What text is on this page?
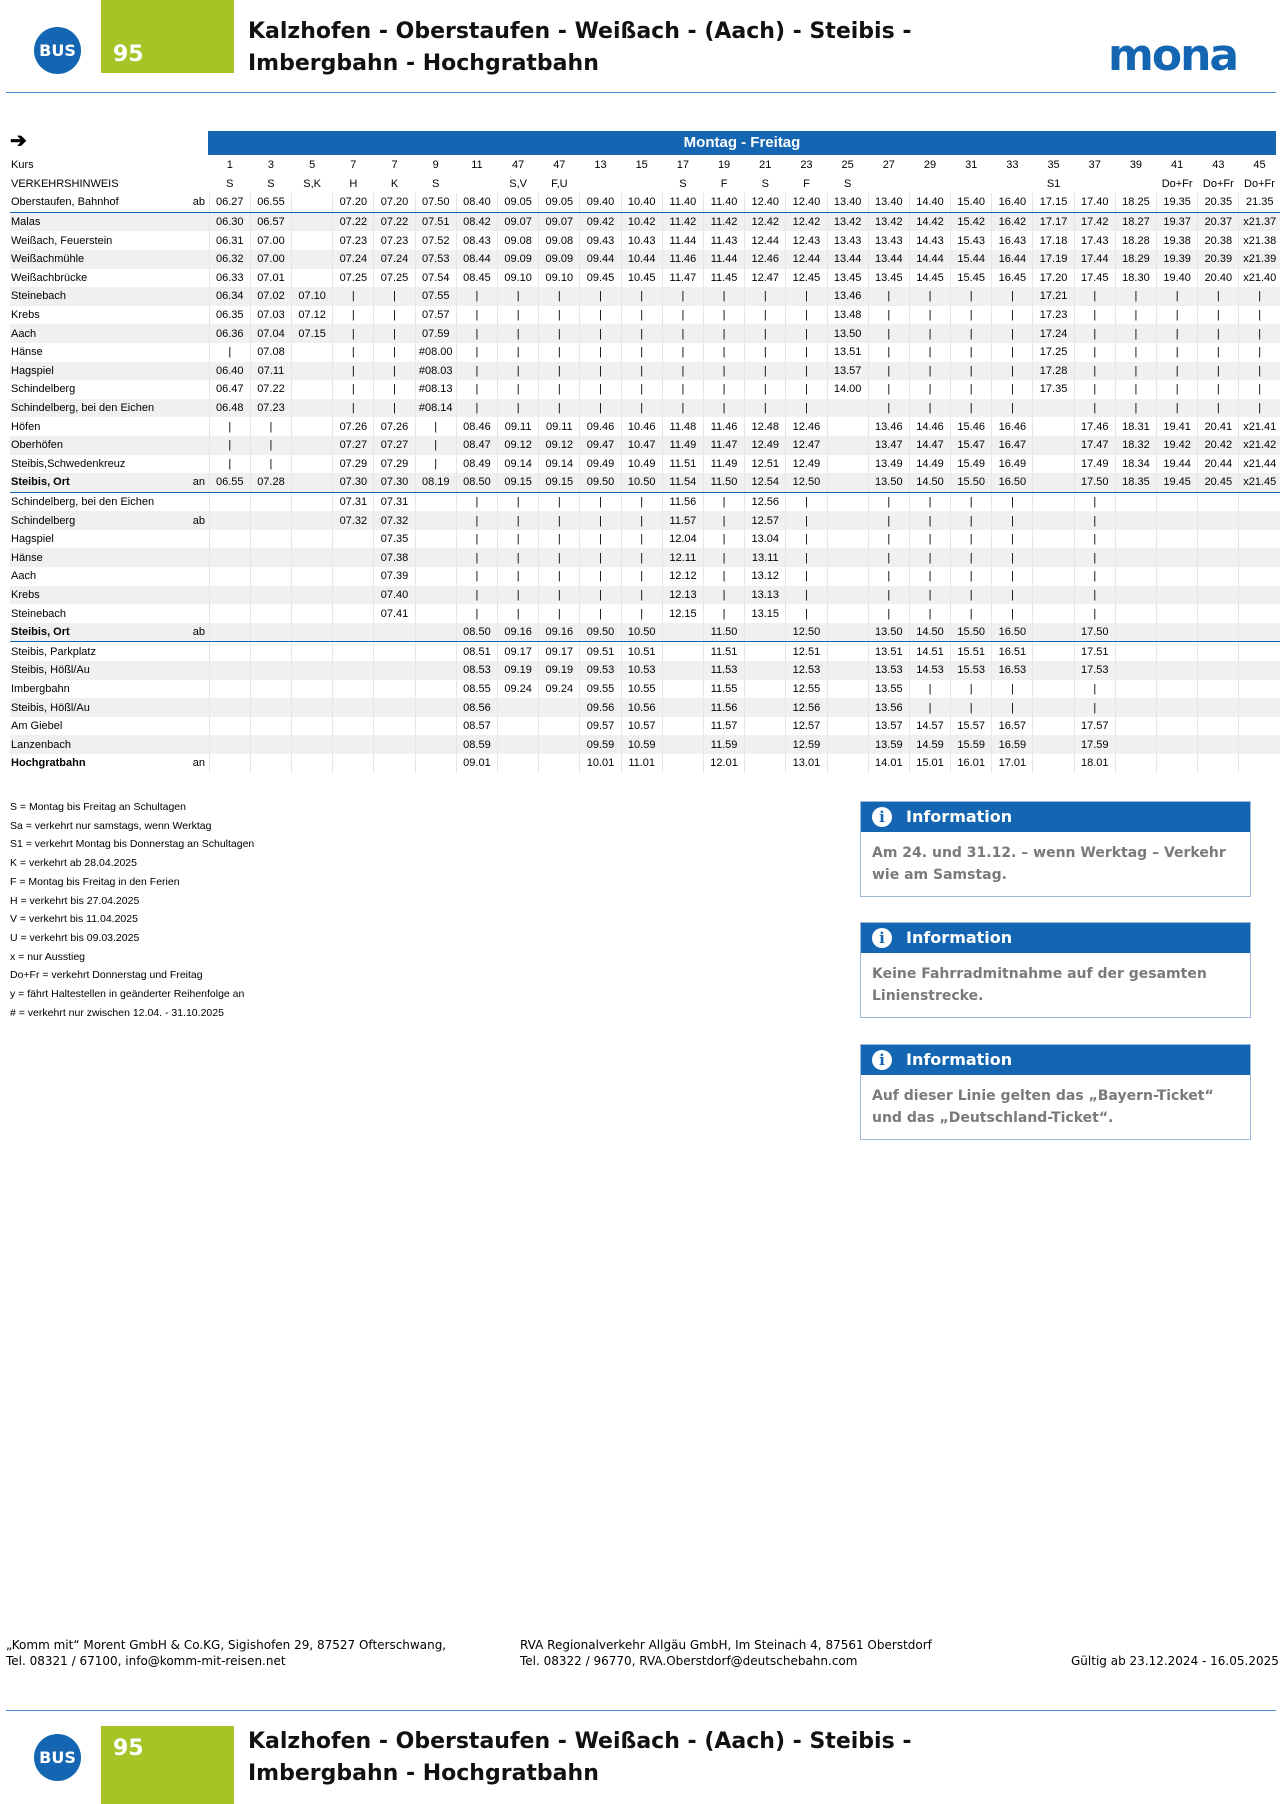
BUS 95
Kalzhofen - Oberstaufen - Weißach - (Aach) - Steibis -
Imbergbahn - Hochgratbahn	mona
➔	Montag - Freitag
Kurs		1	3	5	7	7	9	11	47	47	13	15	17	19	21	23	25	27	29	31	33	35	37	39	41	43	45
VERKEHRSHINWEIS		S	S	S,K	H	K	S		S,V	F,U			S	F	S	F	S					S1			Do+Fr	Do+Fr	Do+Fr
Oberstaufen, Bahnhof	ab	06.27	06.55		07.20	07.20	07.50	08.40	09.05	09.05	09.40	10.40	11.40	11.40	12.40	12.40	13.40	13.40	14.40	15.40	16.40	17.15	17.40	18.25	19.35	20.35	21.35
Malas		06.30	06.57		07.22	07.22	07.51	08.42	09.07	09.07	09.42	10.42	11.42	11.42	12.42	12.42	13.42	13.42	14.42	15.42	16.42	17.17	17.42	18.27	19.37	20.37	x21.37
Weißach, Feuerstein		06.31	07.00		07.23	07.23	07.52	08.43	09.08	09.08	09.43	10.43	11.44	11.43	12.44	12.43	13.43	13.43	14.43	15.43	16.43	17.18	17.43	18.28	19.38	20.38	x21.38
Weißachmühle		06.32	07.00		07.24	07.24	07.53	08.44	09.09	09.09	09.44	10.44	11.46	11.44	12.46	12.44	13.44	13.44	14.44	15.44	16.44	17.19	17.44	18.29	19.39	20.39	x21.39
Weißachbrücke		06.33	07.01		07.25	07.25	07.54	08.45	09.10	09.10	09.45	10.45	11.47	11.45	12.47	12.45	13.45	13.45	14.45	15.45	16.45	17.20	17.45	18.30	19.40	20.40	x21.40
Steinebach		06.34	07.02	07.10	|	|	07.55	|	|	|	|	|	|	|	|	|	13.46	|	|	|	|	17.21	|	|	|	|	|
Krebs		06.35	07.03	07.12	|	|	07.57	|	|	|	|	|	|	|	|	|	13.48	|	|	|	|	17.23	|	|	|	|	|
Aach		06.36	07.04	07.15	|	|	07.59	|	|	|	|	|	|	|	|	|	13.50	|	|	|	|	17.24	|	|	|	|	|
Hänse		|	07.08		|	|	#08.00	|	|	|	|	|	|	|	|	|	13.51	|	|	|	|	17.25	|	|	|	|	|
Hagspiel		06.40	07.11		|	|	#08.03	|	|	|	|	|	|	|	|	|	13.57	|	|	|	|	17.28	|	|	|	|	|
Schindelberg		06.47	07.22		|	|	#08.13	|	|	|	|	|	|	|	|	|	14.00	|	|	|	|	17.35	|	|	|	|	|
Schindelberg, bei den Eichen		06.48	07.23		|	|	#08.14	|	|	|	|	|	|	|	|	|		|	|	|	|		|	|	|	|	|
Höfen		|	|		07.26	07.26	|	08.46	09.11	09.11	09.46	10.46	11.48	11.46	12.48	12.46		13.46	14.46	15.46	16.46		17.46	18.31	19.41	20.41	x21.41
Oberhöfen		|	|		07.27	07.27	|	08.47	09.12	09.12	09.47	10.47	11.49	11.47	12.49	12.47		13.47	14.47	15.47	16.47		17.47	18.32	19.42	20.42	x21.42
Steibis,Schwedenkreuz		|	|		07.29	07.29	|	08.49	09.14	09.14	09.49	10.49	11.51	11.49	12.51	12.49		13.49	14.49	15.49	16.49		17.49	18.34	19.44	20.44	x21.44
Steibis, Ort	an	06.55	07.28		07.30	07.30	08.19	08.50	09.15	09.15	09.50	10.50	11.54	11.50	12.54	12.50		13.50	14.50	15.50	16.50		17.50	18.35	19.45	20.45	x21.45
Schindelberg, bei den Eichen					07.31	07.31		|	|	|	|	|	11.56	|	12.56	|		|	|	|	|		|				
Schindelberg	ab				07.32	07.32		|	|	|	|	|	11.57	|	12.57	|		|	|	|	|		|				
Hagspiel						07.35		|	|	|	|	|	12.04	|	13.04	|		|	|	|	|		|				
Hänse						07.38		|	|	|	|	|	12.11	|	13.11	|		|	|	|	|		|				
Aach						07.39		|	|	|	|	|	12.12	|	13.12	|		|	|	|	|		|				
Krebs						07.40		|	|	|	|	|	12.13	|	13.13	|		|	|	|	|		|				
Steinebach						07.41		|	|	|	|	|	12.15	|	13.15	|		|	|	|	|		|				
Steibis, Ort	ab							08.50	09.16	09.16	09.50	10.50		11.50		12.50		13.50	14.50	15.50	16.50		17.50				
Steibis, Parkplatz								08.51	09.17	09.17	09.51	10.51		11.51		12.51		13.51	14.51	15.51	16.51		17.51				
Steibis, Hößl/Au								08.53	09.19	09.19	09.53	10.53		11.53		12.53		13.53	14.53	15.53	16.53		17.53				
Imbergbahn								08.55	09.24	09.24	09.55	10.55		11.55		12.55		13.55	|	|	|		|				
Steibis, Hößl/Au								08.56			09.56	10.56		11.56		12.56		13.56	|	|	|		|				
Am Giebel								08.57			09.57	10.57		11.57		12.57		13.57	14.57	15.57	16.57		17.57				
Lanzenbach								08.59			09.59	10.59		11.59		12.59		13.59	14.59	15.59	16.59		17.59				
Hochgratbahn	an							09.01			10.01	11.01		12.01		13.01		14.01	15.01	16.01	17.01		18.01				
S = Montag bis Freitag an Schultagen
Sa = verkehrt nur samstags, wenn Werktag
S1 = verkehrt Montag bis Donnerstag an Schultagen
K = verkehrt ab 28.04.2025
F = Montag bis Freitag in den Ferien
H = verkehrt bis 27.04.2025
V = verkehrt bis 11.04.2025
U = verkehrt bis 09.03.2025
x = nur Ausstieg
Do+Fr = verkehrt Donnerstag und Freitag
y = fährt Haltestellen in geänderter Reihenfolge an
# = verkehrt nur zwischen 12.04. - 31.10.2025
i	Information
Am 24. und 31.12. – wenn Werktag – Verkehr wie am Samstag.
i	Information
Keine Fahrradmitnahme auf der gesamten Linienstrecke.
i	Information
Auf dieser Linie gelten das „Bayern-Ticket“ und das „Deutschland-Ticket“.
„Komm mit“ Morent GmbH & Co.KG, Sigishofen 29, 87527 Ofterschwang,
Tel. 08321 / 67100, info@komm-mit-reisen.net
RVA Regionalverkehr Allgäu GmbH, Im Steinach 4, 87561 Oberstdorf
Tel. 08322 / 96770, RVA.Oberstdorf@deutschebahn.com	Gültig ab 23.12.2024 - 16.05.2025
BUS 95	Kalzhofen - Oberstaufen - Weißach - (Aach) - Steibis -
Imbergbahn - Hochgratbahn
